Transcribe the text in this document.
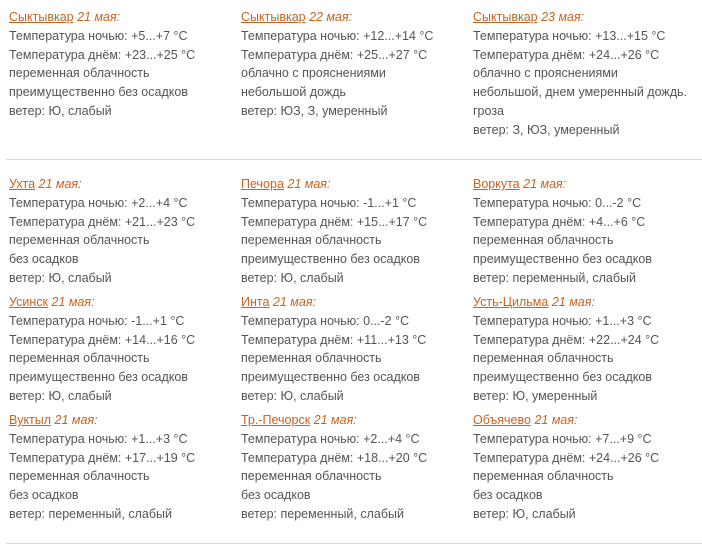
Сыктывкар 21 мая:
Температура ночью: +5...+7 °C
Температура днём: +23...+25 °C
переменная облачность
преимущественно без осадков
ветер: Ю, слабый
Сыктывкар 22 мая:
Температура ночью: +12...+14 °C
Температура днём: +25...+27 °C
облачно с прояснениями
небольшой дождь
ветер: ЮЗ, З, умеренный
Сыктывкар 23 мая:
Температура ночью: +13...+15 °C
Температура днём: +24...+26 °C
облачно с прояснениями
небольшой, днем умеренный дождь.
гроза
ветер: З, ЮЗ, умеренный
Ухта 21 мая:
Температура ночью: +2...+4 °C
Температура днём: +21...+23 °C
переменная облачность
без осадков
ветер: Ю, слабый
Печора 21 мая:
Температура ночью: -1...+1 °C
Температура днём: +15...+17 °C
переменная облачность
преимущественно без осадков
ветер: Ю, слабый
Воркута 21 мая:
Температура ночью: 0...-2 °C
Температура днём: +4...+6 °C
переменная облачность
преимущественно без осадков
ветер: переменный, слабый
Усинск 21 мая:
Температура ночью: -1...+1 °C
Температура днём: +14...+16 °C
переменная облачность
преимущественно без осадков
ветер: Ю, слабый
Инта 21 мая:
Температура ночью: 0...-2 °C
Температура днём: +11...+13 °C
переменная облачность
преимущественно без осадков
ветер: Ю, слабый
Усть-Цильма 21 мая:
Температура ночью: +1...+3 °C
Температура днём: +22...+24 °C
переменная облачность
преимущественно без осадков
ветер: Ю, умеренный
Вуктыл 21 мая:
Температура ночью: +1...+3 °C
Температура днём: +17...+19 °C
переменная облачность
без осадков
ветер: переменный, слабый
Тр.-Печорск 21 мая:
Температура ночью: +2...+4 °C
Температура днём: +18...+20 °C
переменная облачность
без осадков
ветер: переменный, слабый
Объячево 21 мая:
Температура ночью: +7...+9 °C
Температура днём: +24...+26 °C
переменная облачность
без осадков
ветер: Ю, слабый
